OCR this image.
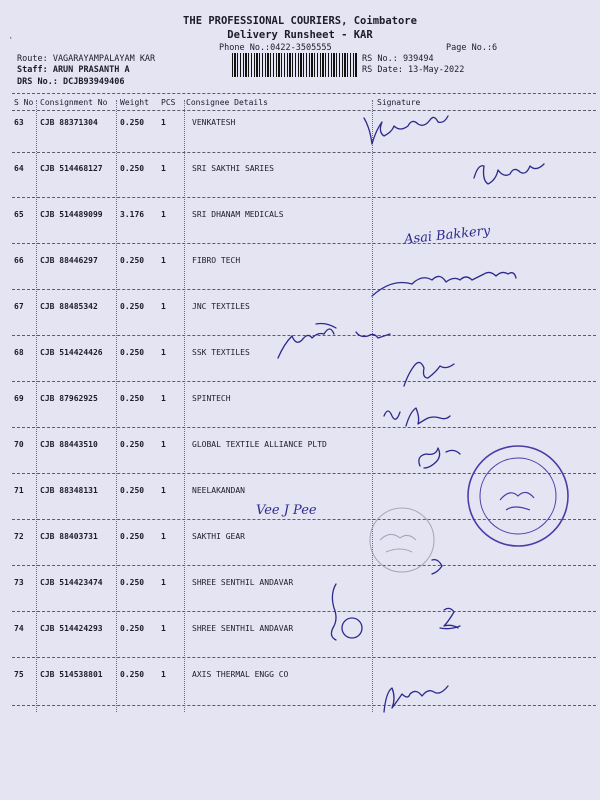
THE PROFESSIONAL COURIERS, Coimbatore
Delivery Runsheet - KAR
·
Phone No.:0422-3505555	Page No.:6
Route: VAGARAYAMPALAYAM KAR
Staff: ARUN PRASANTH A
DRS No.: DCJB93949406
RS No.: 939494
RS Date: 13-May-2022
S No Consignment No Weight PCS Consignee Details	Signature
63 CJB 88371304	0.250 1	VENKATESH
64 CJB 514468127 0.250 1	SRI SAKTHI SARIES
65 CJB 514489099 3.176 1	SRI DHANAM MEDICALS
66 CJB 88446297	0.250 1	FIBRO TECH
67 CJB 88485342	0.250 1	JNC TEXTILES
68 CJB 514424426 0.250 1	SSK TEXTILES
69 CJB 87962925	0.250 1	SPINTECH
70 CJB 88443510	0.250 1	GLOBAL TEXTILE ALLIANCE PLTD
71 CJB 88348131	0.250 1	NEELAKANDAN
72 CJB 88403731	0.250 1	SAKTHI GEAR
73 CJB 514423474 0.250 1	SHREE SENTHIL ANDAVAR
74 CJB 514424293 0.250 1	SHREE SENTHIL ANDAVAR
75 CJB 514538801 0.250 1	AXIS THERMAL ENGG CO
Asai Bakkery
Vee J Pee
